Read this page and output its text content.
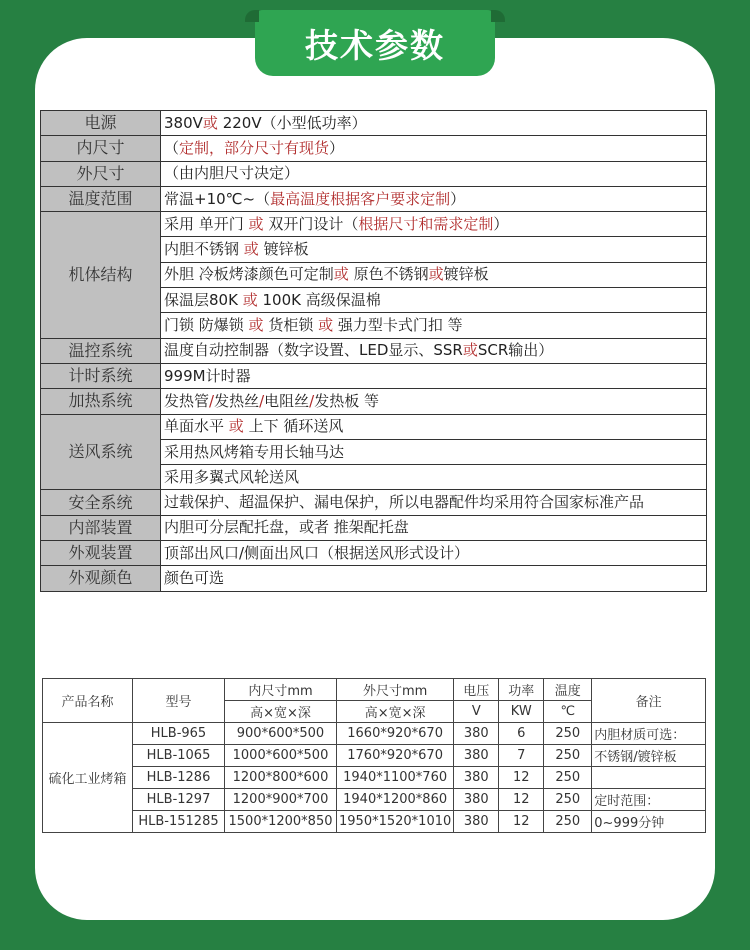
技术参数
电源	380V或 220V（小型低功率）
内尺寸	（定制，部分尺寸有现货）
外尺寸	（由内胆尺寸决定）
温度范围	常温+10℃~（最高温度根据客户要求定制）
机体结构	采用 单开门 或 双开门设计（根据尺寸和需求定制）
	内胆不锈钢 或 镀锌板
	外胆 冷板烤漆颜色可定制或 原色不锈钢或镀锌板
	保温层80K 或 100K 高级保温棉
	门锁 防爆锁 或 货柜锁 或 强力型卡式门扣 等
温控系统	温度自动控制器（数字设置、LED显示、SSR或SCR输出）
计时系统	999M计时器
加热系统	发热管/发热丝/电阻丝/发热板 等
送风系统	单面水平 或 上下 循环送风
	采用热风烤箱专用长轴马达
	采用多翼式风轮送风
安全系统	过载保护、超温保护、漏电保护，所以电器配件均采用符合国家标准产品
内部装置	内胆可分层配托盘，或者 推架配托盘
外观装置	顶部出风口/侧面出风口（根据送风形式设计）
外观颜色	颜色可选
产品名称	型号	内尺寸mm	外尺寸mm	电压	功率	温度	备注
		高×宽×深	高×宽×深	V	KW	℃	
硫化工业烤箱	HLB-965	900*600*500	1660*920*670	380	6	250	内胆材质可选：
	HLB-1065	1000*600*500	1760*920*670	380	7	250	不锈钢/镀锌板
	HLB-1286	1200*800*600	1940*1100*760	380	12	250	
	HLB-1297	1200*900*700	1940*1200*860	380	12	250	定时范围：
	HLB-151285	1500*1200*850	1950*1520*1010	380	12	250	0~999分钟
